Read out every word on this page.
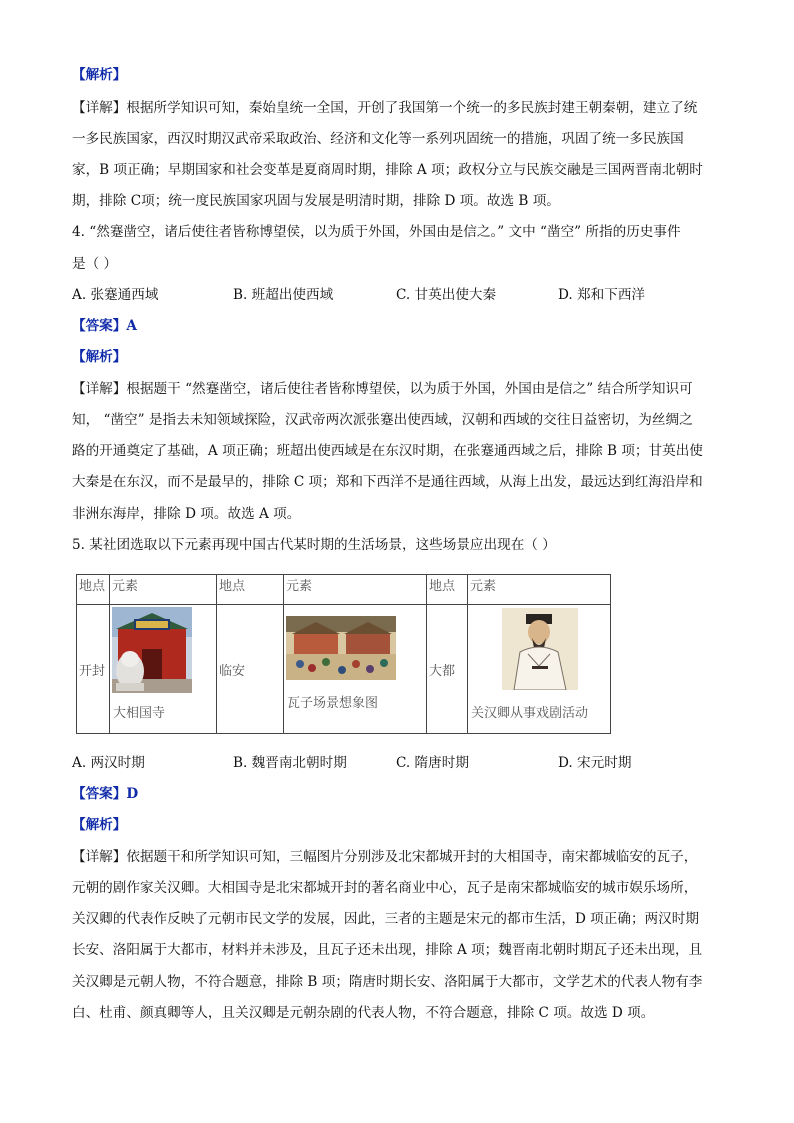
【解析】
【详解】根据所学知识可知，秦始皇统一全国，开创了我国第一个统一的多民族封建王朝秦朝，建立了统
一多民族国家，西汉时期汉武帝采取政治、经济和文化等一系列巩固统一的措施，巩固了统一多民族国
家，B 项正确；早期国家和社会变革是夏商周时期，排除 A 项；政权分立与民族交融是三国两晋南北朝时
期，排除 C项；统一度民族国家巩固与发展是明清时期，排除 D 项。故选 B 项。
4. “然蹇凿空，诸后使往者皆称博望侯，以为质于外国，外国由是信之。” 文中 “凿空” 所指的历史事件
是（ ）
A. 张蹇通西域	B. 班超出使西域	C. 甘英出使大秦	D. 郑和下西洋
【答案】A
【解析】
【详解】根据题干 “然蹇凿空，诸后使往者皆称博望侯，以为质于外国，外国由是信之” 结合所学知识可
知， “凿空” 是指去未知领域探险，汉武帝两次派张蹇出使西域，汉朝和西域的交往日益密切，为丝绸之
路的开通奠定了基础，A 项正确；班超出使西域是在东汉时期，在张蹇通西域之后，排除 B 项；甘英出使
大秦是在东汉，而不是最早的，排除 C 项；郑和下西洋不是通往西域，从海上出发，最远达到红海沿岸和
非洲东海岸，排除 D 项。故选 A 项。
5. 某社团选取以下元素再现中国古代某时期的生活场景，这些场景应出现在（ ）
地点	元素	地点	元素	地点	元素
开封	大相国寺	临安	瓦子场景想象图	大都	关汉卿从事戏剧活动
A. 两汉时期	B. 魏晋南北朝时期	C. 隋唐时期	D. 宋元时期
【答案】D
【解析】
【详解】依据题干和所学知识可知，三幅图片分别涉及北宋都城开封的大相国寺，南宋都城临安的瓦子，
元朝的剧作家关汉卿。大相国寺是北宋都城开封的著名商业中心，瓦子是南宋都城临安的城市娱乐场所，
关汉卿的代表作反映了元朝市民文学的发展，因此，三者的主题是宋元的都市生活，D 项正确；两汉时期
长安、洛阳属于大都市，材料并未涉及，且瓦子还未出现，排除 A 项；魏晋南北朝时期瓦子还未出现，且
关汉卿是元朝人物，不符合题意，排除 B 项；隋唐时期长安、洛阳属于大都市，文学艺术的代表人物有李
白、杜甫、颜真卿等人，且关汉卿是元朝杂剧的代表人物，不符合题意，排除 C 项。故选 D 项。
